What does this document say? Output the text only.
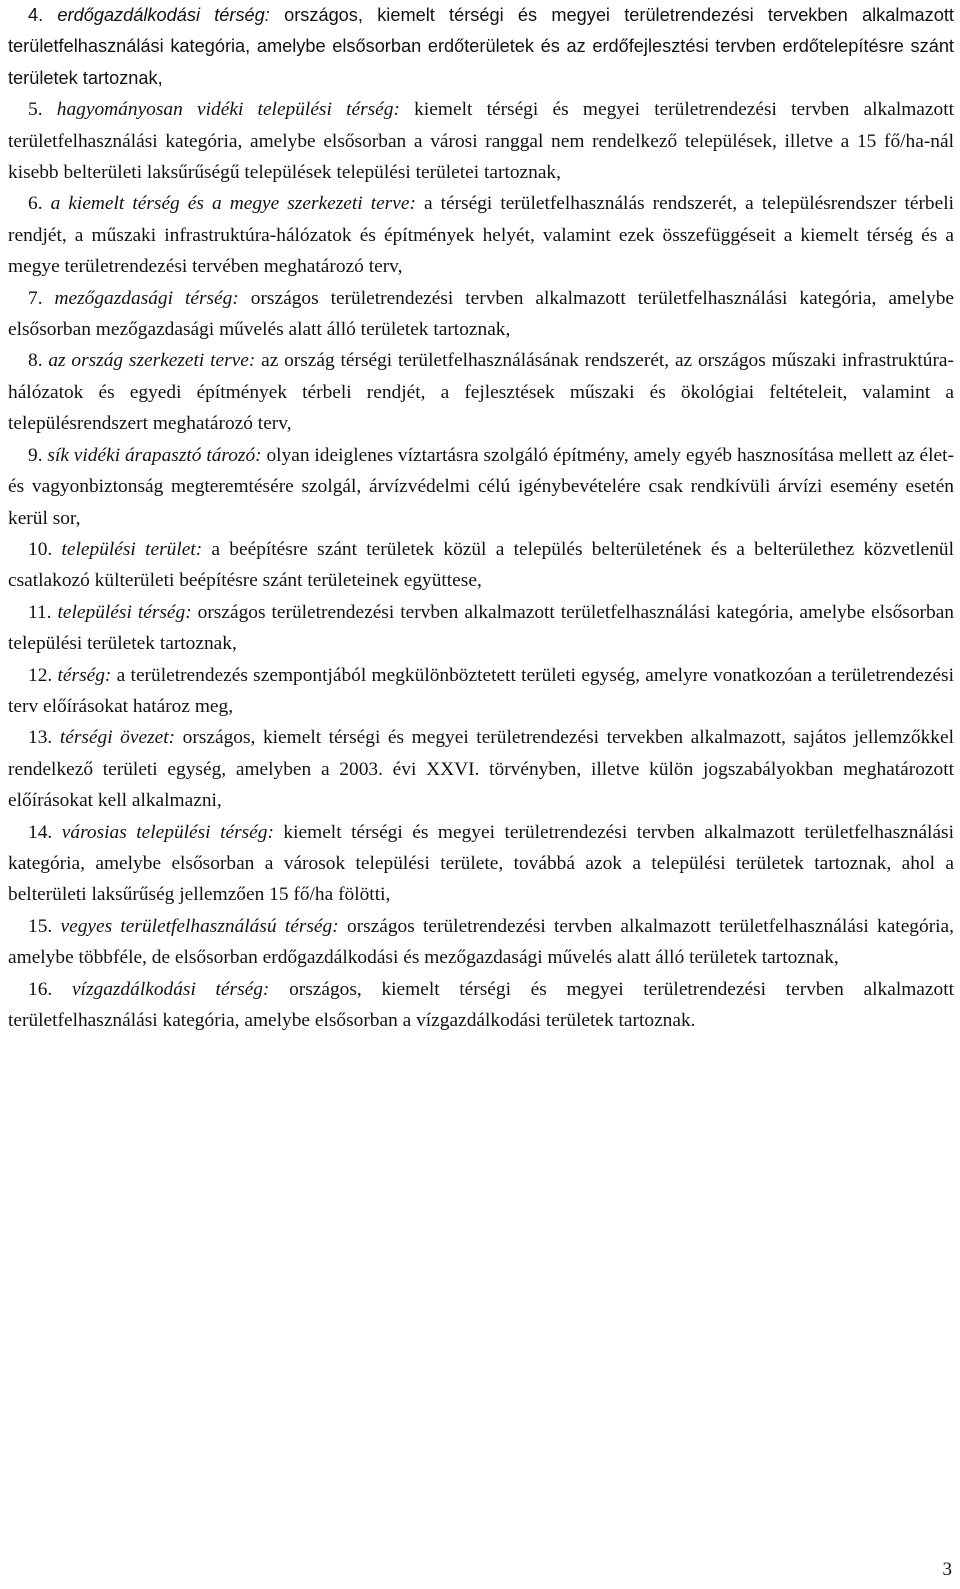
4. erdőgazdálkodási térség: országos, kiemelt térségi és megyei területrendezési tervekben alkalmazott területfelhasználási kategória, amelybe elsősorban erdőterületek és az erdőfejlesztési tervben erdőtelepítésre szánt területek tartoznak,

5. hagyományosan vidéki települési térség: kiemelt térségi és megyei területrendezési tervben alkalmazott területfelhasználási kategória, amelybe elsősorban a városi ranggal nem rendelkező települések, illetve a 15 fő/ha-nál kisebb belterületi laksűrűségű települések települési területei tartoznak,

6. a kiemelt térség és a megye szerkezeti terve: a térségi területfelhasználás rendszerét, a településrendszer térbeli rendjét, a műszaki infrastruktúra-hálózatok és építmények helyét, valamint ezek összefüggéseit a kiemelt térség és a megye területrendezési tervében meghatározó terv,

7. mezőgazdasági térség: országos területrendezési tervben alkalmazott területfelhasználási kategória, amelybe elsősorban mezőgazdasági művelés alatt álló területek tartoznak,

8. az ország szerkezeti terve: az ország térségi területfelhasználásának rendszerét, az országos műszaki infrastruktúra-hálózatok és egyedi építmények térbeli rendjét, a fejlesztések műszaki és ökológiai feltételeit, valamint a településrendszert meghatározó terv,

9. sík vidéki árapasztó tározó: olyan ideiglenes víztartásra szolgáló építmény, amely egyéb hasznosítása mellett az élet- és vagyonbiztonság megteremtésére szolgál, árvízvédelmi célú igénybevételére csak rendkívüli árvízi esemény esetén kerül sor,

10. települési terület: a beépítésre szánt területek közül a település belterületének és a belterülethez közvetlenül csatlakozó külterületi beépítésre szánt területeinek együttese,

11. települési térség: országos területrendezési tervben alkalmazott területfelhasználási kategória, amelybe elsősorban települési területek tartoznak,

12. térség: a területrendezés szempontjából megkülönböztetett területi egység, amelyre vonatkozóan a területrendezési terv előírásokat határoz meg,

13. térségi övezet: országos, kiemelt térségi és megyei területrendezési tervekben alkalmazott, sajátos jellemzőkkel rendelkező területi egység, amelyben a 2003. évi XXVI. törvényben, illetve külön jogszabályokban meghatározott előírásokat kell alkalmazni,

14. városias települési térség: kiemelt térségi és megyei területrendezési tervben alkalmazott területfelhasználási kategória, amelybe elsősorban a városok települési területe, továbbá azok a települési területek tartoznak, ahol a belterületi laksűrűség jellemzően 15 fő/ha fölötti,

15. vegyes területfelhasználású térség: országos területrendezési tervben alkalmazott területfelhasználási kategória, amelybe többféle, de elsősorban erdőgazdálkodási és mezőgazdasági művelés alatt álló területek tartoznak,

16. vízgazdálkodási térség: országos, kiemelt térségi és megyei területrendezési tervben alkalmazott területfelhasználási kategória, amelybe elsősorban a vízgazdálkodási területek tartoznak.

3
